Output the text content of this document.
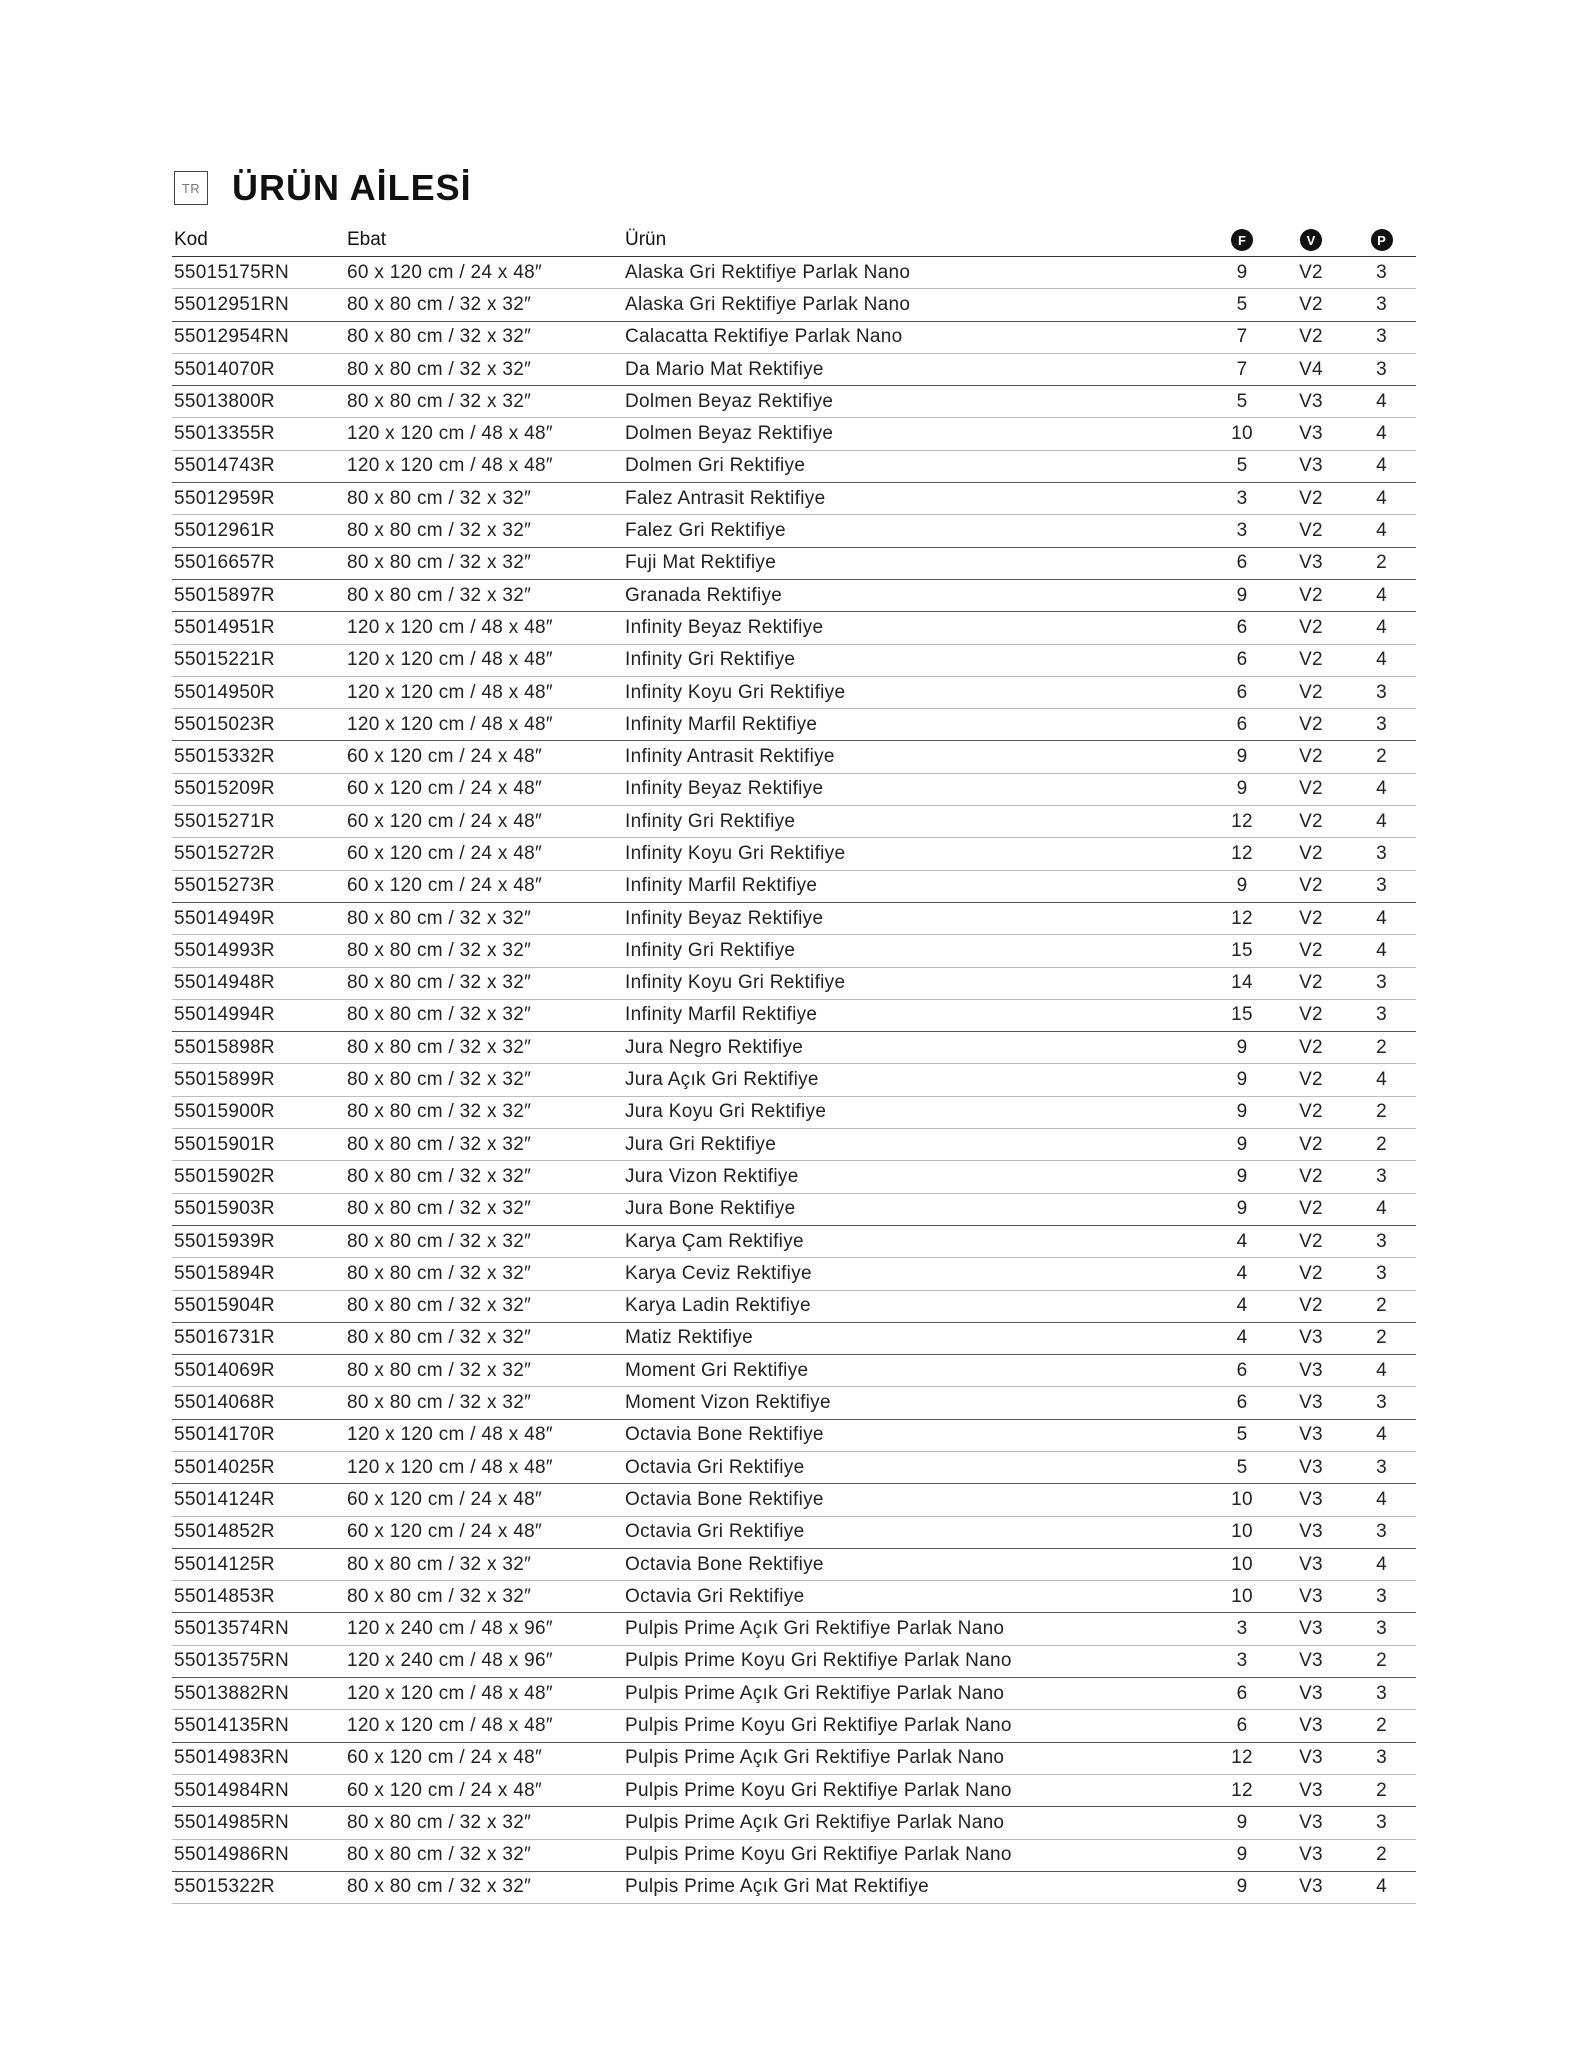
TR ÜRÜN AİLESİ
Kod	Ebat	Ürün	F	V	P
55015175RN	60 x 120 cm / 24 x 48″	Alaska Gri Rektifiye Parlak Nano	9	V2	3
55012951RN	80 x 80 cm / 32 x 32″	Alaska Gri Rektifiye Parlak Nano	5	V2	3
55012954RN	80 x 80 cm / 32 x 32″	Calacatta Rektifiye Parlak Nano	7	V2	3
55014070R	80 x 80 cm / 32 x 32″	Da Mario Mat Rektifiye	7	V4	3
55013800R	80 x 80 cm / 32 x 32″	Dolmen Beyaz Rektifiye	5	V3	4
55013355R	120 x 120 cm / 48 x 48″	Dolmen Beyaz Rektifiye	10	V3	4
55014743R	120 x 120 cm / 48 x 48″	Dolmen Gri Rektifiye	5	V3	4
55012959R	80 x 80 cm / 32 x 32″	Falez Antrasit Rektifiye	3	V2	4
55012961R	80 x 80 cm / 32 x 32″	Falez Gri Rektifiye	3	V2	4
55016657R	80 x 80 cm / 32 x 32″	Fuji Mat Rektifiye	6	V3	2
55015897R	80 x 80 cm / 32 x 32″	Granada Rektifiye	9	V2	4
55014951R	120 x 120 cm / 48 x 48″	Infinity Beyaz Rektifiye	6	V2	4
55015221R	120 x 120 cm / 48 x 48″	Infinity Gri Rektifiye	6	V2	4
55014950R	120 x 120 cm / 48 x 48″	Infinity Koyu Gri Rektifiye	6	V2	3
55015023R	120 x 120 cm / 48 x 48″	Infinity Marfil Rektifiye	6	V2	3
55015332R	60 x 120 cm / 24 x 48″	Infinity Antrasit Rektifiye	9	V2	2
55015209R	60 x 120 cm / 24 x 48″	Infinity Beyaz Rektifiye	9	V2	4
55015271R	60 x 120 cm / 24 x 48″	Infinity Gri Rektifiye	12	V2	4
55015272R	60 x 120 cm / 24 x 48″	Infinity Koyu Gri Rektifiye	12	V2	3
55015273R	60 x 120 cm / 24 x 48″	Infinity Marfil Rektifiye	9	V2	3
55014949R	80 x 80 cm / 32 x 32″	Infinity Beyaz Rektifiye	12	V2	4
55014993R	80 x 80 cm / 32 x 32″	Infinity Gri Rektifiye	15	V2	4
55014948R	80 x 80 cm / 32 x 32″	Infinity Koyu Gri Rektifiye	14	V2	3
55014994R	80 x 80 cm / 32 x 32″	Infinity Marfil Rektifiye	15	V2	3
55015898R	80 x 80 cm / 32 x 32″	Jura Negro Rektifiye	9	V2	2
55015899R	80 x 80 cm / 32 x 32″	Jura Açık Gri Rektifiye	9	V2	4
55015900R	80 x 80 cm / 32 x 32″	Jura Koyu Gri Rektifiye	9	V2	2
55015901R	80 x 80 cm / 32 x 32″	Jura Gri Rektifiye	9	V2	2
55015902R	80 x 80 cm / 32 x 32″	Jura Vizon Rektifiye	9	V2	3
55015903R	80 x 80 cm / 32 x 32″	Jura Bone Rektifiye	9	V2	4
55015939R	80 x 80 cm / 32 x 32″	Karya Çam Rektifiye	4	V2	3
55015894R	80 x 80 cm / 32 x 32″	Karya Ceviz Rektifiye	4	V2	3
55015904R	80 x 80 cm / 32 x 32″	Karya Ladin Rektifiye	4	V2	2
55016731R	80 x 80 cm / 32 x 32″	Matiz Rektifiye	4	V3	2
55014069R	80 x 80 cm / 32 x 32″	Moment Gri Rektifiye	6	V3	4
55014068R	80 x 80 cm / 32 x 32″	Moment Vizon Rektifiye	6	V3	3
55014170R	120 x 120 cm / 48 x 48″	Octavia Bone Rektifiye	5	V3	4
55014025R	120 x 120 cm / 48 x 48″	Octavia Gri Rektifiye	5	V3	3
55014124R	60 x 120 cm / 24 x 48″	Octavia Bone Rektifiye	10	V3	4
55014852R	60 x 120 cm / 24 x 48″	Octavia Gri Rektifiye	10	V3	3
55014125R	80 x 80 cm / 32 x 32″	Octavia Bone Rektifiye	10	V3	4
55014853R	80 x 80 cm / 32 x 32″	Octavia Gri Rektifiye	10	V3	3
55013574RN	120 x 240 cm / 48 x 96″	Pulpis Prime Açık Gri Rektifiye Parlak Nano	3	V3	3
55013575RN	120 x 240 cm / 48 x 96″	Pulpis Prime Koyu Gri Rektifiye Parlak Nano	3	V3	2
55013882RN	120 x 120 cm / 48 x 48″	Pulpis Prime Açık Gri Rektifiye Parlak Nano	6	V3	3
55014135RN	120 x 120 cm / 48 x 48″	Pulpis Prime Koyu Gri Rektifiye Parlak Nano	6	V3	2
55014983RN	60 x 120 cm / 24 x 48″	Pulpis Prime Açık Gri Rektifiye Parlak Nano	12	V3	3
55014984RN	60 x 120 cm / 24 x 48″	Pulpis Prime Koyu Gri Rektifiye Parlak Nano	12	V3	2
55014985RN	80 x 80 cm / 32 x 32″	Pulpis Prime Açık Gri Rektifiye Parlak Nano	9	V3	3
55014986RN	80 x 80 cm / 32 x 32″	Pulpis Prime Koyu Gri Rektifiye Parlak Nano	9	V3	2
55015322R	80 x 80 cm / 32 x 32″	Pulpis Prime Açık Gri Mat Rektifiye	9	V3	4
